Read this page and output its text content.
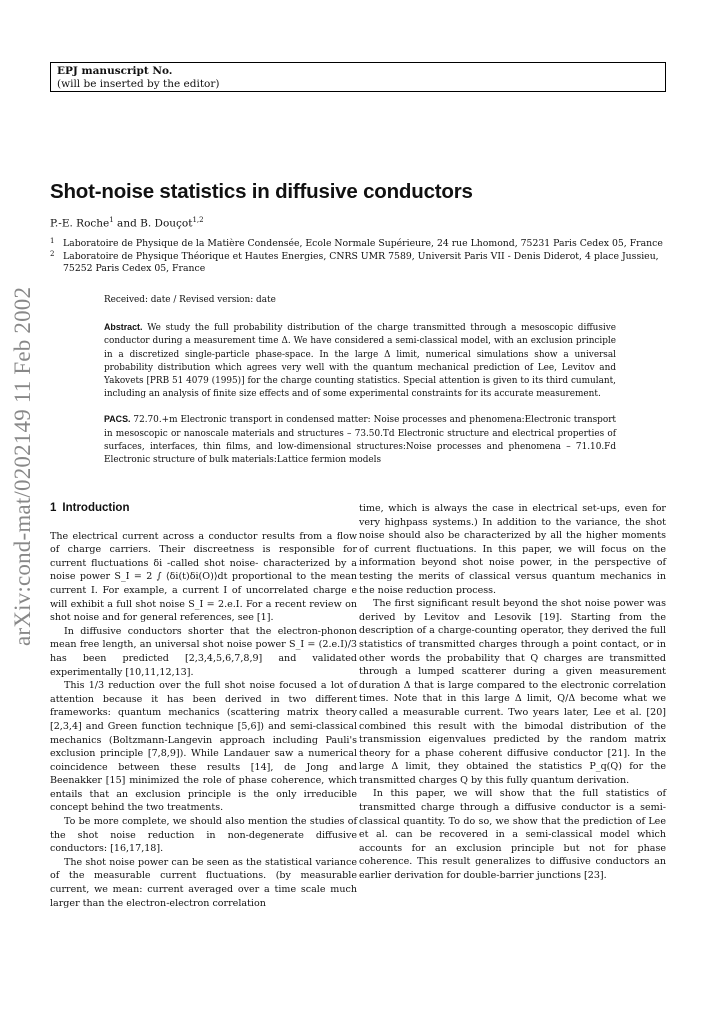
EPJ manuscript No.
(will be inserted by the editor)
arXiv:cond-mat/0202149 11 Feb 2002
Shot-noise statistics in diffusive conductors
P.-E. Roche$^1$ and B. Douçot$^{1,2}$
1 Laboratoire de Physique de la Matière Condensée, Ecole Normale Supérieure, 24 rue Lhomond, 75231 Paris Cedex 05, France
2 Laboratoire de Physique Théorique et Hautes Energies, CNRS UMR 7589, Universit Paris VII - Denis Diderot, 4 place Jussieu, 75252 Paris Cedex 05, France
Received: date / Revised version: date
Abstract. We study the full probability distribution of the charge transmitted through a mesoscopic diffusive conductor during a measurement time Δ. We have considered a semi-classical model, with an exclusion principle in a discretized single-particle phase-space. In the large Δ limit, numerical simulations show a universal probability distribution which agrees very well with the quantum mechanical prediction of Lee, Levitov and Yakovets [PRB 51 4079 (1995)] for the charge counting statistics. Special attention is given to its third cumulant, including an analysis of finite size effects and of some experimental constraints for its accurate measurement.
PACS. 72.70.+m Electronic transport in condensed matter: Noise processes and phenomena:Electronic transport in mesoscopic or nanoscale materials and structures – 73.50.Td Electronic structure and electrical properties of surfaces, interfaces, thin films, and low-dimensional structures:Noise processes and phenomena – 71.10.Fd Electronic structure of bulk materials:Lattice fermion models
1 Introduction

The electrical current across a conductor results from a flow of charge carriers. Their discreetness is responsible for current fluctuations δi -called shot noise- characterized by a noise power S_I = 2 ∫ ⟨δi(t)δi(O)⟩dt proportional to the mean current I. For example, a current I of uncorrelated charge e will exhibit a full shot noise S_I = 2.e.I. For a recent review on shot noise and for general references, see [1].

In diffusive conductors shorter that the electron-phonon mean free length, an universal shot noise power S_I = (2.e.I)/3 has been predicted [2,3,4,5,6,7,8,9] and validated experimentally [10,11,12,13].

This 1/3 reduction over the full shot noise focused a lot of attention because it has been derived in two different frameworks: quantum mechanics (scattering matrix theory [2,3,4] and Green function technique [5,6]) and semi-classical mechanics (Boltzmann-Langevin approach including Pauli's exclusion principle [7,8,9]). While Landauer saw a numerical coincidence between these results [14], de Jong and Beenakker [15] minimized the role of phase coherence, which entails that an exclusion principle is the only irreducible concept behind the two treatments.

To be more complete, we should also mention the studies of the shot noise reduction in non-degenerate diffusive conductors: [16,17,18].

The shot noise power can be seen as the statistical variance of the measurable current fluctuations. (by measurable current, we mean: current averaged over a time scale much larger than the electron-electron correlation

time, which is always the case in electrical set-ups, even for very highpass systems.) In addition to the variance, the shot noise should also be characterized by all the higher moments of current fluctuations. In this paper, we will focus on the information beyond shot noise power, in the perspective of testing the merits of classical versus quantum mechanics in the noise reduction process.

The first significant result beyond the shot noise power was derived by Levitov and Lesovik [19]. Starting from the description of a charge-counting operator, they derived the full statistics of transmitted charges through a point contact, or in other words the probability that Q charges are transmitted through a lumped scatterer during a given measurement duration Δ that is large compared to the electronic correlation times. Note that in this large Δ limit, Q/Δ become what we called a measurable current. Two years later, Lee et al. [20] combined this result with the bimodal distribution of the transmission eigenvalues predicted by the random matrix theory for a phase coherent diffusive conductor [21]. In the large Δ limit, they obtained the statistics P_q(Q) for the transmitted charges Q by this fully quantum derivation.

In this paper, we will show that the full statistics of transmitted charge through a diffusive conductor is a semi-classical quantity. To do so, we show that the prediction of Lee et al. can be recovered in a semi-classical model which accounts for an exclusion principle but not for phase coherence. This result generalizes to diffusive conductors an earlier derivation for double-barrier junctions [23].
